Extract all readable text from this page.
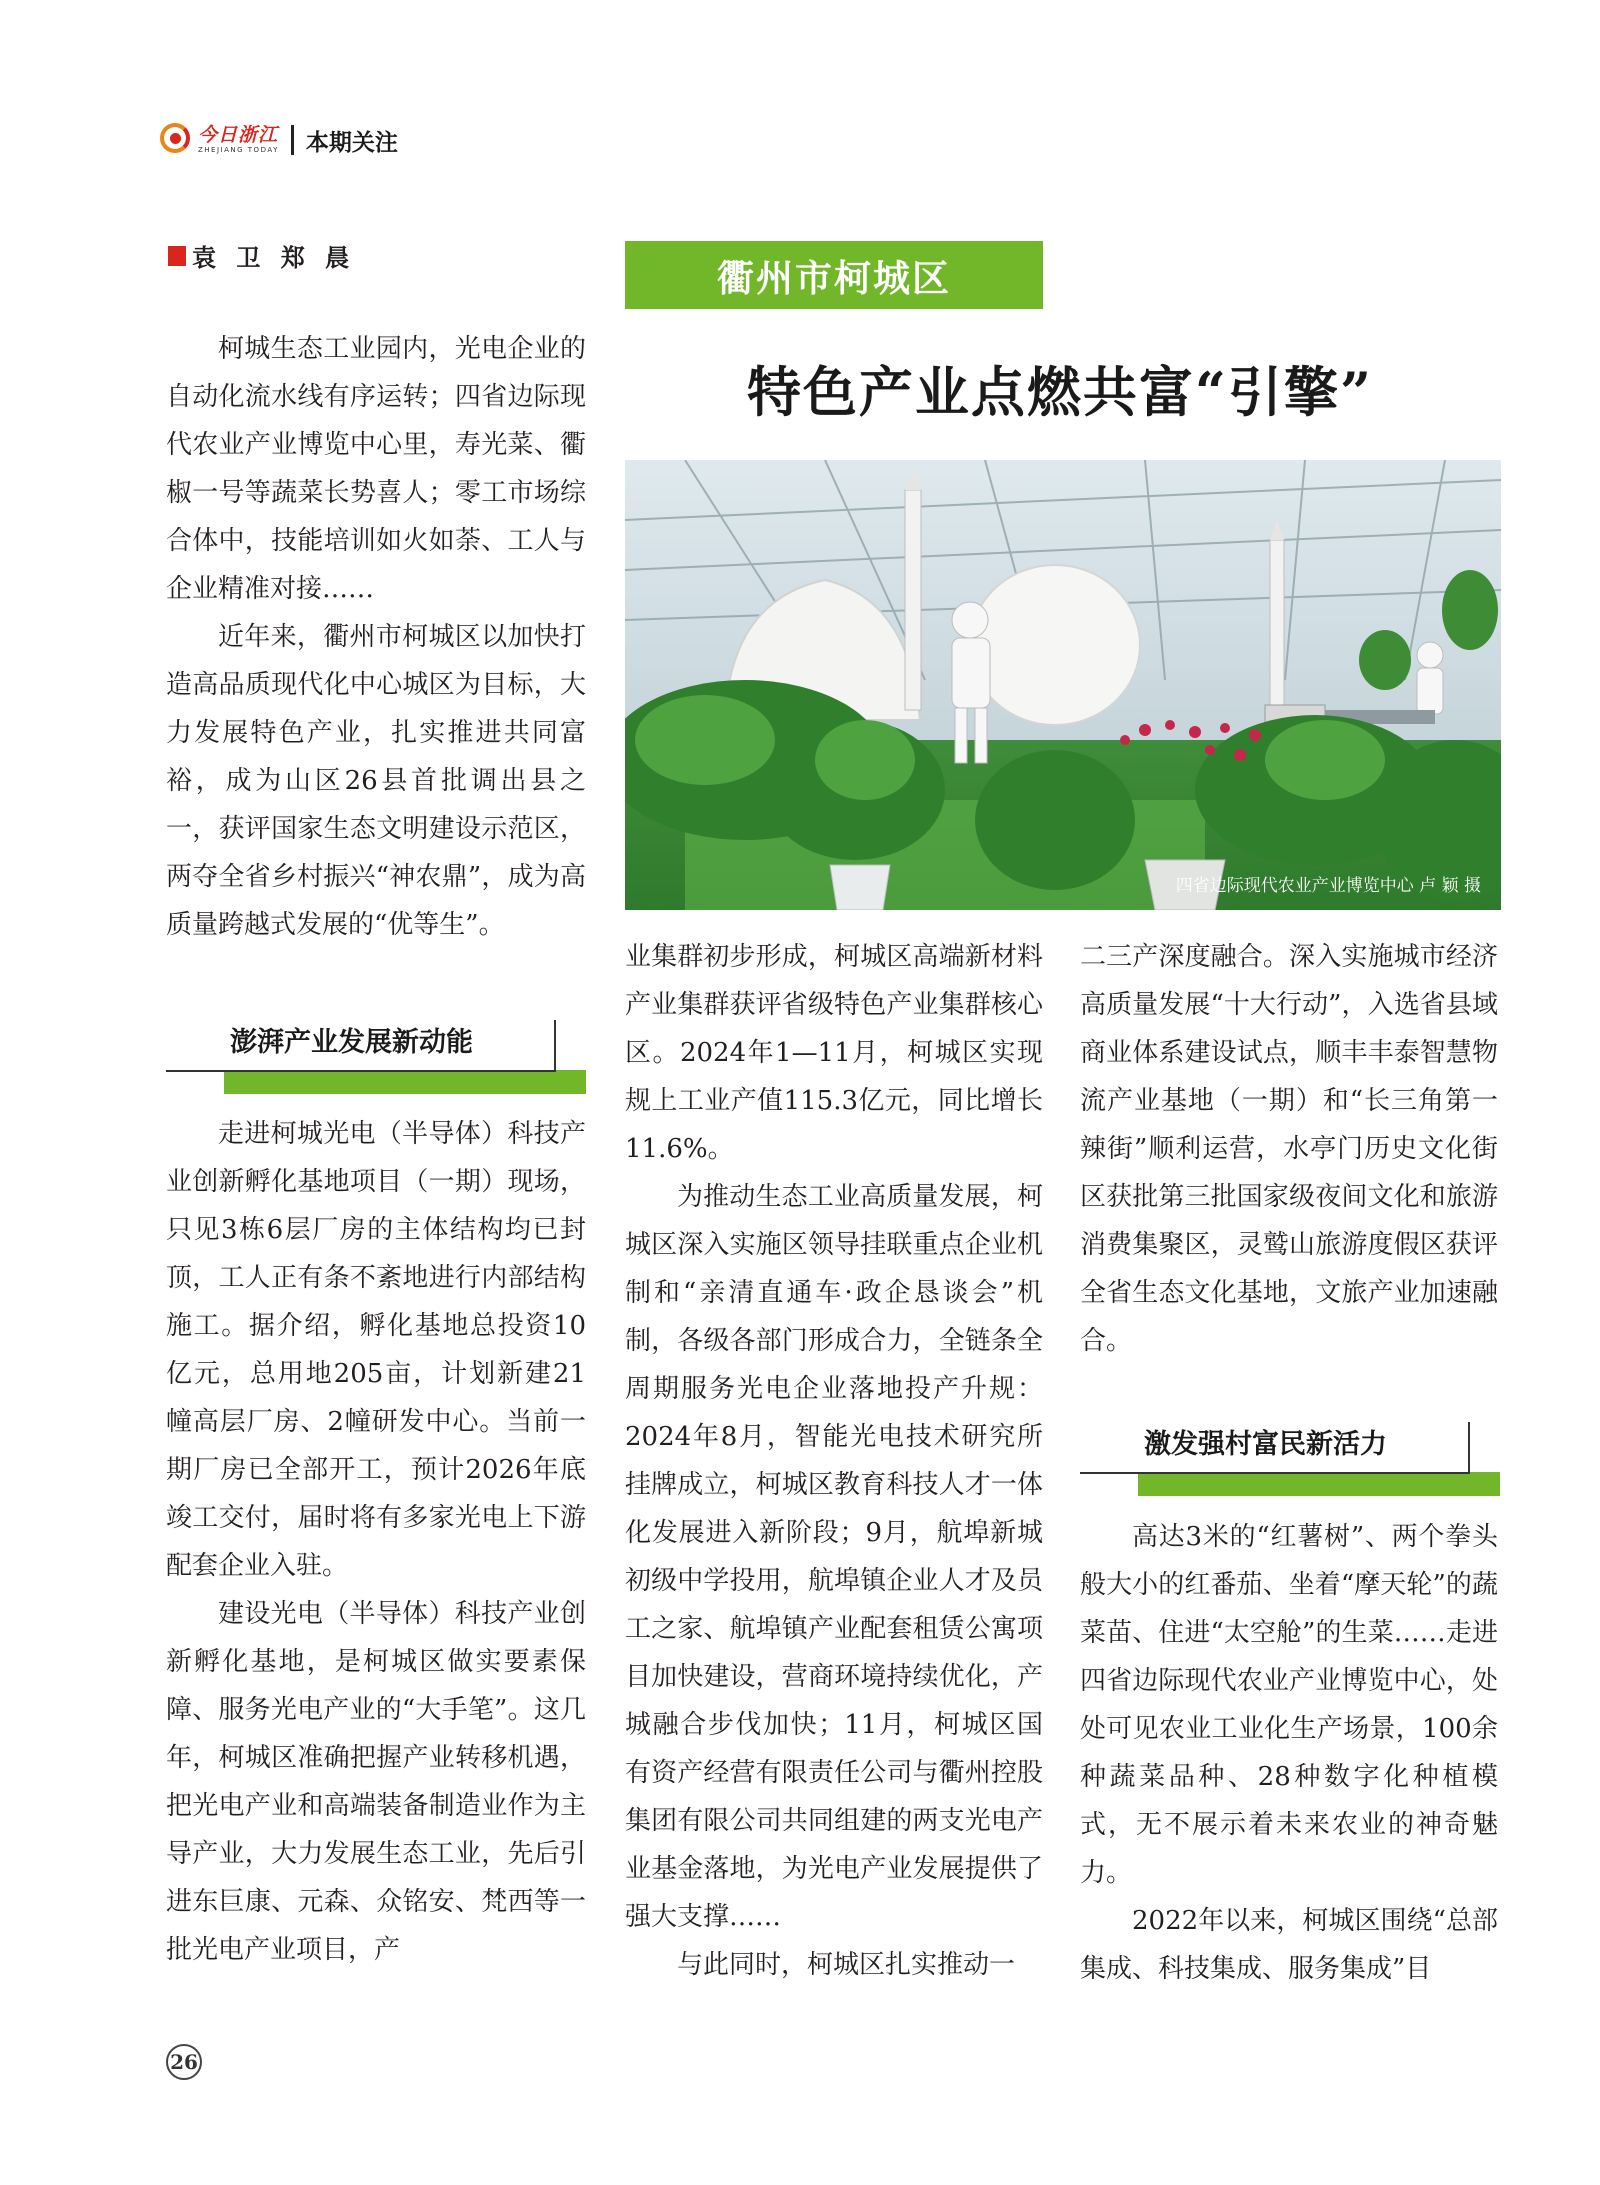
今日浙江
ZHEJIANG TODAY 本期关注
袁 卫 郑 晨	衢州市柯城区
特色产业点燃共富“引擎”
四省边际现代农业产业博览中心 卢 颖 摄

柯城生态工业园内，光电企业的自动化流水线有序运转；四省边际现代农业产业博览中心里，寿光菜、衢椒一号等蔬菜长势喜人；零工市场综合体中，技能培训如火如荼、工人与企业精准对接……

近年来，衢州市柯城区以加快打造高品质现代化中心城区为目标，大力发展特色产业，扎实推进共同富裕，成为山区26县首批调出县之一，获评国家生态文明建设示范区，两夺全省乡村振兴“神农鼎”，成为高质量跨越式发展的“优等生”。

澎湃产业发展新动能

走进柯城光电（半导体）科技产业创新孵化基地项目（一期）现场，只见3栋6层厂房的主体结构均已封顶，工人正有条不紊地进行内部结构施工。据介绍，孵化基地总投资10亿元，总用地205亩，计划新建21幢高层厂房、2幢研发中心。当前一期厂房已全部开工，预计2026年底竣工交付，届时将有多家光电上下游配套企业入驻。

建设光电（半导体）科技产业创新孵化基地，是柯城区做实要素保障、服务光电产业的“大手笔”。这几年，柯城区准确把握产业转移机遇，把光电产业和高端装备制造业作为主导产业，大力发展生态工业，先后引进东巨康、元森、众铭安、梵西等一批光电产业项目，产

业集群初步形成，柯城区高端新材料产业集群获评省级特色产业集群核心区。2024年1—11月，柯城区实现规上工业产值115.3亿元，同比增长11.6%。

为推动生态工业高质量发展，柯城区深入实施区领导挂联重点企业机制和“亲清直通车·政企恳谈会”机制，各级各部门形成合力，全链条全周期服务光电企业落地投产升规：2024年8月，智能光电技术研究所挂牌成立，柯城区教育科技人才一体化发展进入新阶段；9月，航埠新城初级中学投用，航埠镇企业人才及员工之家、航埠镇产业配套租赁公寓项目加快建设，营商环境持续优化，产城融合步伐加快；11月，柯城区国有资产经营有限责任公司与衢州控股集团有限公司共同组建的两支光电产业基金落地，为光电产业发展提供了强大支撑……

与此同时，柯城区扎实推动一

二三产深度融合。深入实施城市经济高质量发展“十大行动”，入选省县域商业体系建设试点，顺丰丰泰智慧物流产业基地（一期）和“长三角第一辣街”顺利运营，水亭门历史文化街区获批第三批国家级夜间文化和旅游消费集聚区，灵鹫山旅游度假区获评全省生态文化基地，文旅产业加速融合。

激发强村富民新活力

高达3米的“红薯树”、两个拳头般大小的红番茄、坐着“摩天轮”的蔬菜苗、住进“太空舱”的生菜……走进四省边际现代农业产业博览中心，处处可见农业工业化生产场景，100余种蔬菜品种、28种数字化种植模式，无不展示着未来农业的神奇魅力。

2022年以来，柯城区围绕“总部集成、科技集成、服务集成”目

26
